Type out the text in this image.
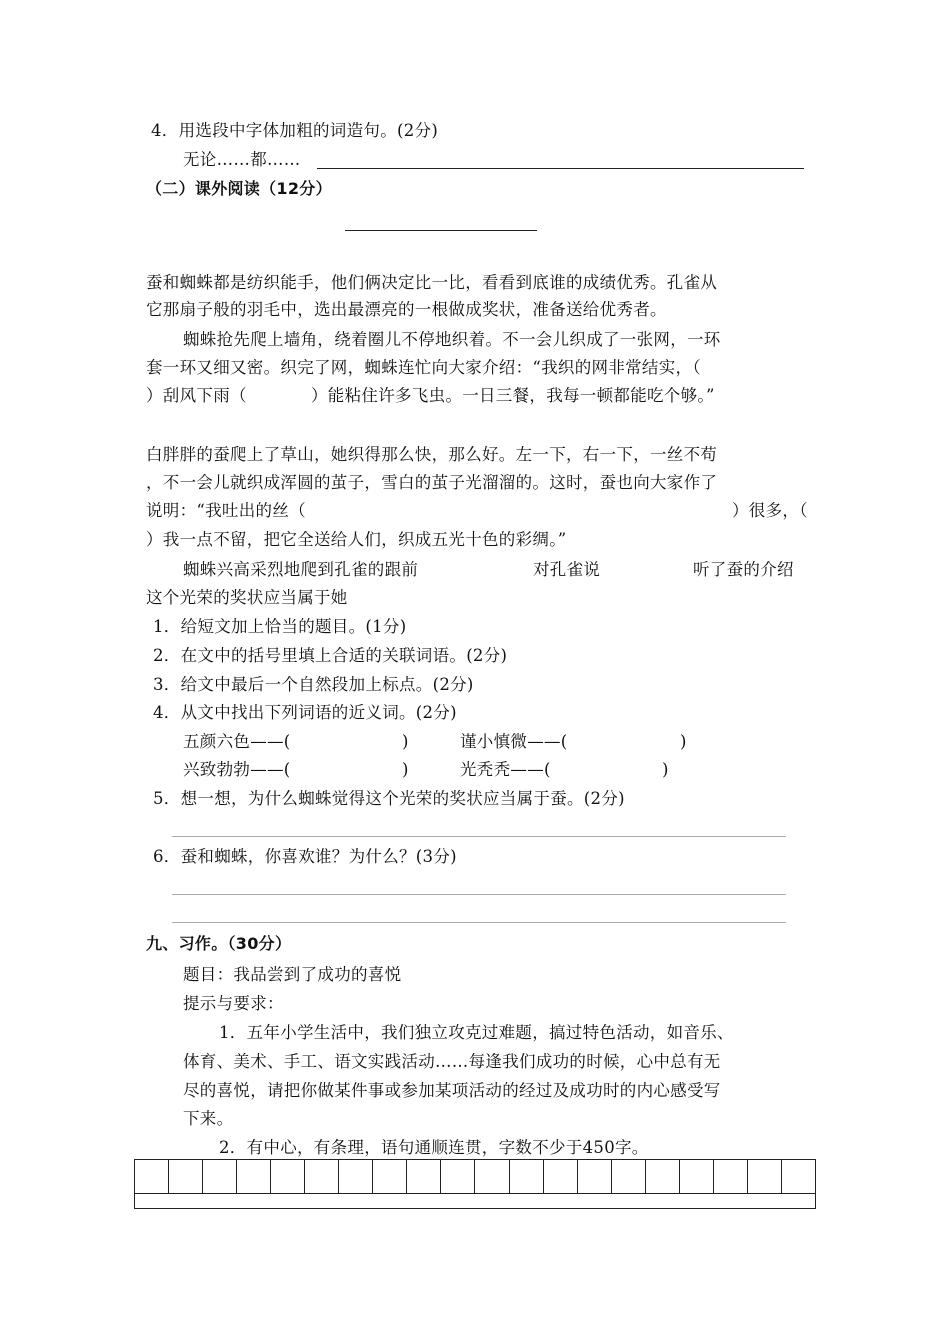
4．用选段中字体加粗的词造句。(2分)
无论……都……
（二）课外阅读（12分）
蚕和蜘蛛都是纺织能手，他们俩决定比一比，看看到底谁的成绩优秀。孔雀从
它那扇子般的羽毛中，选出最漂亮的一根做成奖状，准备送给优秀者。
蜘蛛抢先爬上墙角，绕着圈儿不停地织着。不一会儿织成了一张网，一环
套一环又细又密。织完了网，蜘蛛连忙向大家介绍：“我织的网非常结实，（
）刮风下雨（	）能粘住许多飞虫。一日三餐，我每一顿都能吃个够。”
白胖胖的蚕爬上了草山，她织得那么快，那么好。左一下，右一下，一丝不苟
，不一会儿就织成浑圆的茧子，雪白的茧子光溜溜的。这时，蚕也向大家作了
说明：“我吐出的丝（	）很多，（
）我一点不留，把它全送给人们，织成五光十色的彩绸。”
蜘蛛兴高采烈地爬到孔雀的跟前	对孔雀说	听了蚕的介绍
这个光荣的奖状应当属于她
1．给短文加上恰当的题目。(1分)
2．在文中的括号里填上合适的关联词语。(2分)
3．给文中最后一个自然段加上标点。(2分)
4．从文中找出下列词语的近义词。(2分)
五颜六色——(	)	谨小慎微——(	)
兴致勃勃——(	)	光秃秃——(	)
5．想一想，为什么蜘蛛觉得这个光荣的奖状应当属于蚕。(2分)
6．蚕和蜘蛛，你喜欢谁？为什么？(3分)
九、习作。（30分）
题目：我品尝到了成功的喜悦
提示与要求：
1．五年小学生活中，我们独立攻克过难题，搞过特色活动，如音乐、
体育、美术、手工、语文实践活动……每逢我们成功的时候，心中总有无
尽的喜悦，请把你做某件事或参加某项活动的经过及成功时的内心感受写
下来。
2．有中心，有条理，语句通顺连贯，字数不少于450字。
